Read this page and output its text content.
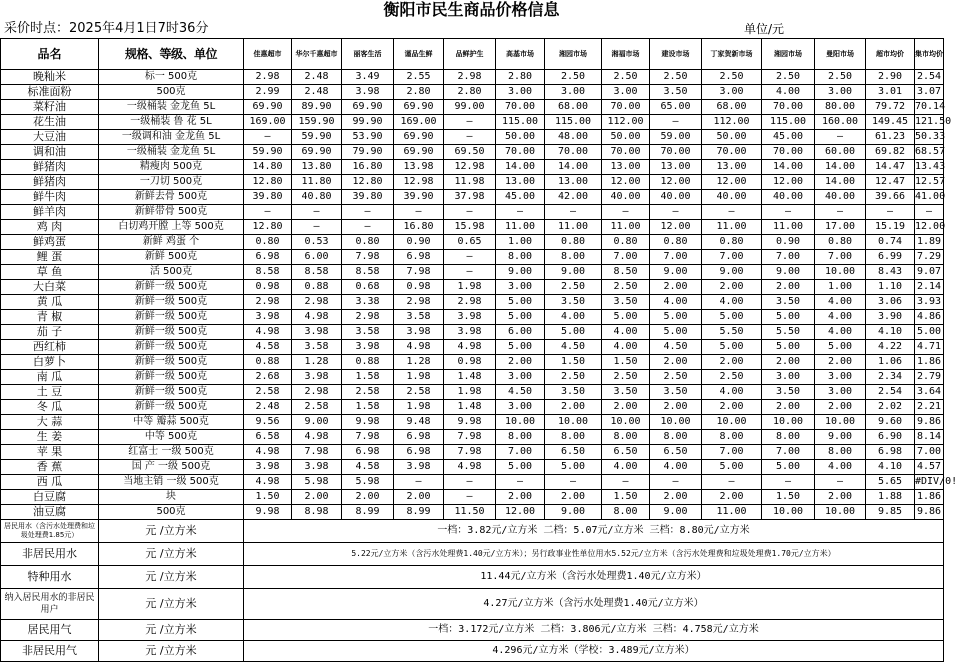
衡阳市民生商品价格信息
采价时点：2025年4月1日7时36分	单位/元
品名	规格、等级、单位	佳惠超市	华尔千惠超市	丽客生活	谨品生鲜	品鲜护生	高基市场	湘园市场	湘福市场	建设市场	丁家贺新市场	湘园市场	曼阳市场	超市均价	集市均价
晚籼米	标一 500克	2.98	2.48	3.49	2.55	2.98	2.80	2.50	2.50	2.50	2.50	2.50	2.50	2.90	2.54
标准面粉	500克	2.99	2.48	3.98	2.80	2.80	3.00	3.00	3.00	3.50	3.00	4.00	3.00	3.01	3.07
菜籽油	一级桶装 金龙鱼 5L	69.90	89.90	69.90	69.90	99.00	70.00	68.00	70.00	65.00	68.00	70.00	80.00	79.72	70.14
花生油	一级桶装 鲁 花 5L	169.00	159.90	99.90	169.00	—	115.00	115.00	112.00	—	112.00	115.00	160.00	149.45	121.50
大豆油	一级调和油 金龙鱼 5L	—	59.90	53.90	69.90	—	50.00	48.00	50.00	59.00	50.00	45.00	—	61.23	50.33
调和油	一级桶装 金龙鱼 5L	59.90	69.90	79.90	69.90	69.50	70.00	70.00	70.00	70.00	70.00	70.00	60.00	69.82	68.57
鲜猪肉	精瘦肉 500克	14.80	13.80	16.80	13.98	12.98	14.00	14.00	13.00	13.00	13.00	14.00	14.00	14.47	13.43
鲜猪肉	一刀切 500克	12.80	11.80	12.80	12.98	11.98	13.00	13.00	12.00	12.00	12.00	12.00	14.00	12.47	12.57
鲜牛肉	新鲜去骨 500克	39.80	40.80	39.80	39.90	37.98	45.00	42.00	40.00	40.00	40.00	40.00	40.00	39.66	41.00
鲜羊肉	新鲜带骨 500克	—	—	—	—	—	—	—	—	—	—	—	—	—	—
鸡 肉	白切鸡开膛 上等 500克	12.80	—	—	16.80	15.98	11.00	11.00	11.00	12.00	11.00	11.00	17.00	15.19	12.00
鲜鸡蛋	新鲜 鸡蛋 个	0.80	0.53	0.80	0.90	0.65	1.00	0.80	0.80	0.80	0.80	0.90	0.80	0.74	1.89
鲤 蛋	新鲜 500克	6.98	6.00	7.98	6.98	—	8.00	8.00	7.00	7.00	7.00	7.00	7.00	6.99	7.29
草 鱼	活 500克	8.58	8.58	8.58	7.98	—	9.00	9.00	8.50	9.00	9.00	9.00	10.00	8.43	9.07
大白菜	新鲜一级 500克	0.98	0.88	0.68	0.98	1.98	3.00	2.50	2.50	2.00	2.00	2.00	1.00	1.10	2.14
黄 瓜	新鲜一级 500克	2.98	2.98	3.38	2.98	2.98	5.00	3.50	3.50	4.00	4.00	3.50	4.00	3.06	3.93
青 椒	新鲜一级 500克	3.98	4.98	2.98	3.58	3.98	5.00	4.00	5.00	5.00	5.00	5.00	4.00	3.90	4.86
茄 子	新鲜一级 500克	4.98	3.98	3.58	3.98	3.98	6.00	5.00	4.00	5.00	5.50	5.50	4.00	4.10	5.00
西红柿	新鲜一级 500克	4.58	3.58	3.98	4.98	4.98	5.00	4.50	4.00	4.50	5.00	5.00	5.00	4.22	4.71
白萝卜	新鲜一级 500克	0.88	1.28	0.88	1.28	0.98	2.00	1.50	1.50	2.00	2.00	2.00	2.00	1.06	1.86
南 瓜	新鲜一级 500克	2.68	3.98	1.58	1.98	1.48	3.00	2.50	2.50	2.50	2.50	3.00	3.00	2.34	2.79
土 豆	新鲜一级 500克	2.58	2.98	2.58	2.58	1.98	4.50	3.50	3.50	3.50	4.00	3.50	3.00	2.54	3.64
冬 瓜	新鲜一级 500克	2.48	2.58	1.58	1.98	1.48	3.00	2.00	2.00	2.00	2.00	2.00	2.00	2.02	2.21
大 蒜	中等 瓣蒜 500克	9.56	9.00	9.98	9.48	9.98	10.00	10.00	10.00	10.00	10.00	10.00	10.00	9.60	9.86
生 姜	中等 500克	6.58	4.98	7.98	6.98	7.98	8.00	8.00	8.00	8.00	8.00	8.00	9.00	6.90	8.14
苹 果	红富士 一级 500克	4.98	7.98	6.98	6.98	7.98	7.00	6.50	6.50	6.50	7.00	7.00	8.00	6.98	7.00
香 蕉	国 产 一级 500克	3.98	3.98	4.58	3.98	4.98	5.00	5.00	4.00	4.00	5.00	5.00	4.00	4.10	4.57
西 瓜	当地主销 一级 500克	4.98	5.98	5.98	—	—	—	—	—	—	—	—	—	5.65	#DIV/0!
白豆腐	块	1.50	2.00	2.00	2.00	—	2.00	2.00	1.50	2.00	2.00	1.50	2.00	1.88	1.86
油豆腐	500克	9.98	8.98	8.99	8.99	11.50	12.00	9.00	8.00	9.00	11.00	10.00	10.00	9.85	9.86
居民用水（含污水处理费和垃圾处理费1.85元）	元 /立方米	一档：3.82元/立方米 二档：5.07元/立方米 三档：8.80元/立方米													
非居民用水	元 /立方米	5.22元/立方米（含污水处理费1.40元/立方米）；另行政事业性单位用水5.52元/立方米（含污水处理费和垃圾处理费1.70元/立方米）													
特种用水	元 /立方米	11.44元/立方米（含污水处理费1.40元/立方米）													
纳入居民用水的非居民用户	元 /立方米	4.27元/立方米（含污水处理费1.40元/立方米）													
居民用气	元 /立方米	一档：3.172元/立方米 二档：3.806元/立方米 三档：4.758元/立方米													
非居民用气	元 /立方米	4.296元/立方米（学校：3.489元/立方米）													
